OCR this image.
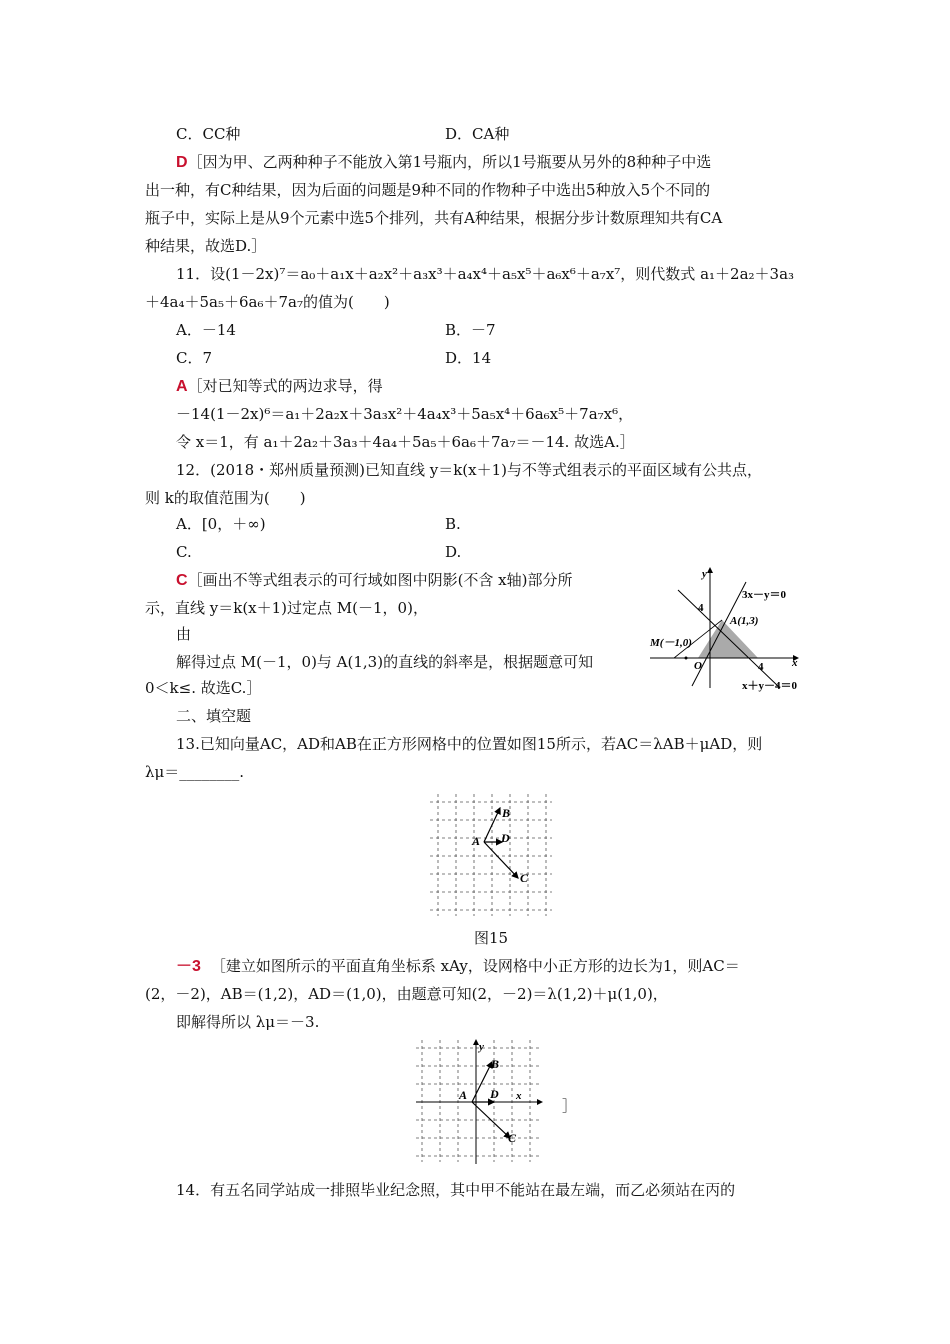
C．CC种	D．CA种
D［因为甲、乙两种种子不能放入第1号瓶内，所以1号瓶要从另外的8种种子中选
出一种，有C种结果，因为后面的问题是9种不同的作物种子中选出5种放入5个不同的
瓶子中，实际上是从9个元素中选5个排列，共有A种结果，根据分步计数原理知共有CA
种结果，故选D.］
11．设(1－2x)⁷＝a₀＋a₁x＋a₂x²＋a₃x³＋a₄x⁴＋a₅x⁵＋a₆x⁶＋a₇x⁷，则代数式 a₁＋2a₂＋3a₃
＋4a₄＋5a₅＋6a₆＋7a₇的值为(　　)
A．－14	B．－7
C．7	D．14
A［对已知等式的两边求导，得
－14(1－2x)⁶＝a₁＋2a₂x＋3a₃x²＋4a₄x³＋5a₅x⁴＋6a₆x⁵＋7a₇x⁶，
令 x＝1，有 a₁＋2a₂＋3a₃＋4a₄＋5a₅＋6a₆＋7a₇＝－14. 故选A.］
12．(2018・郑州质量预测)已知直线 y＝k(x＋1)与不等式组表示的平面区域有公共点，
则 k的取值范围为(　　)
A．[0，＋∞)	B.
C.	D.
C［画出不等式组表示的可行域如图中阴影(不含 x轴)部分所
示，直线 y＝k(x＋1)过定点 M(－1，0)，
由
解得过点 M(－1，0)与 A(1,3)的直线的斜率是，根据题意可知
0＜k≤. 故选C.］
y
x
3x－y＝0
A(1,3)
M(－1,0)
O
4
4
x＋y－4＝0
二、填空题
13.已知向量AC，AD和AB在正方形网格中的位置如图15所示，若AC＝λAB＋μAD，则
λμ＝________.
A
B
D
C
图15
－3 ［建立如图所示的平面直角坐标系 xAy，设网格中小正方形的边长为1，则AC＝
(2，－2)，AB＝(1,2)，AD＝(1,0)，由题意可知(2，－2)＝λ(1,2)＋μ(1,0)，
即解得所以 λμ＝－3.
y
x
A
B
D
C
］
14．有五名同学站成一排照毕业纪念照，其中甲不能站在最左端，而乙必须站在丙的
